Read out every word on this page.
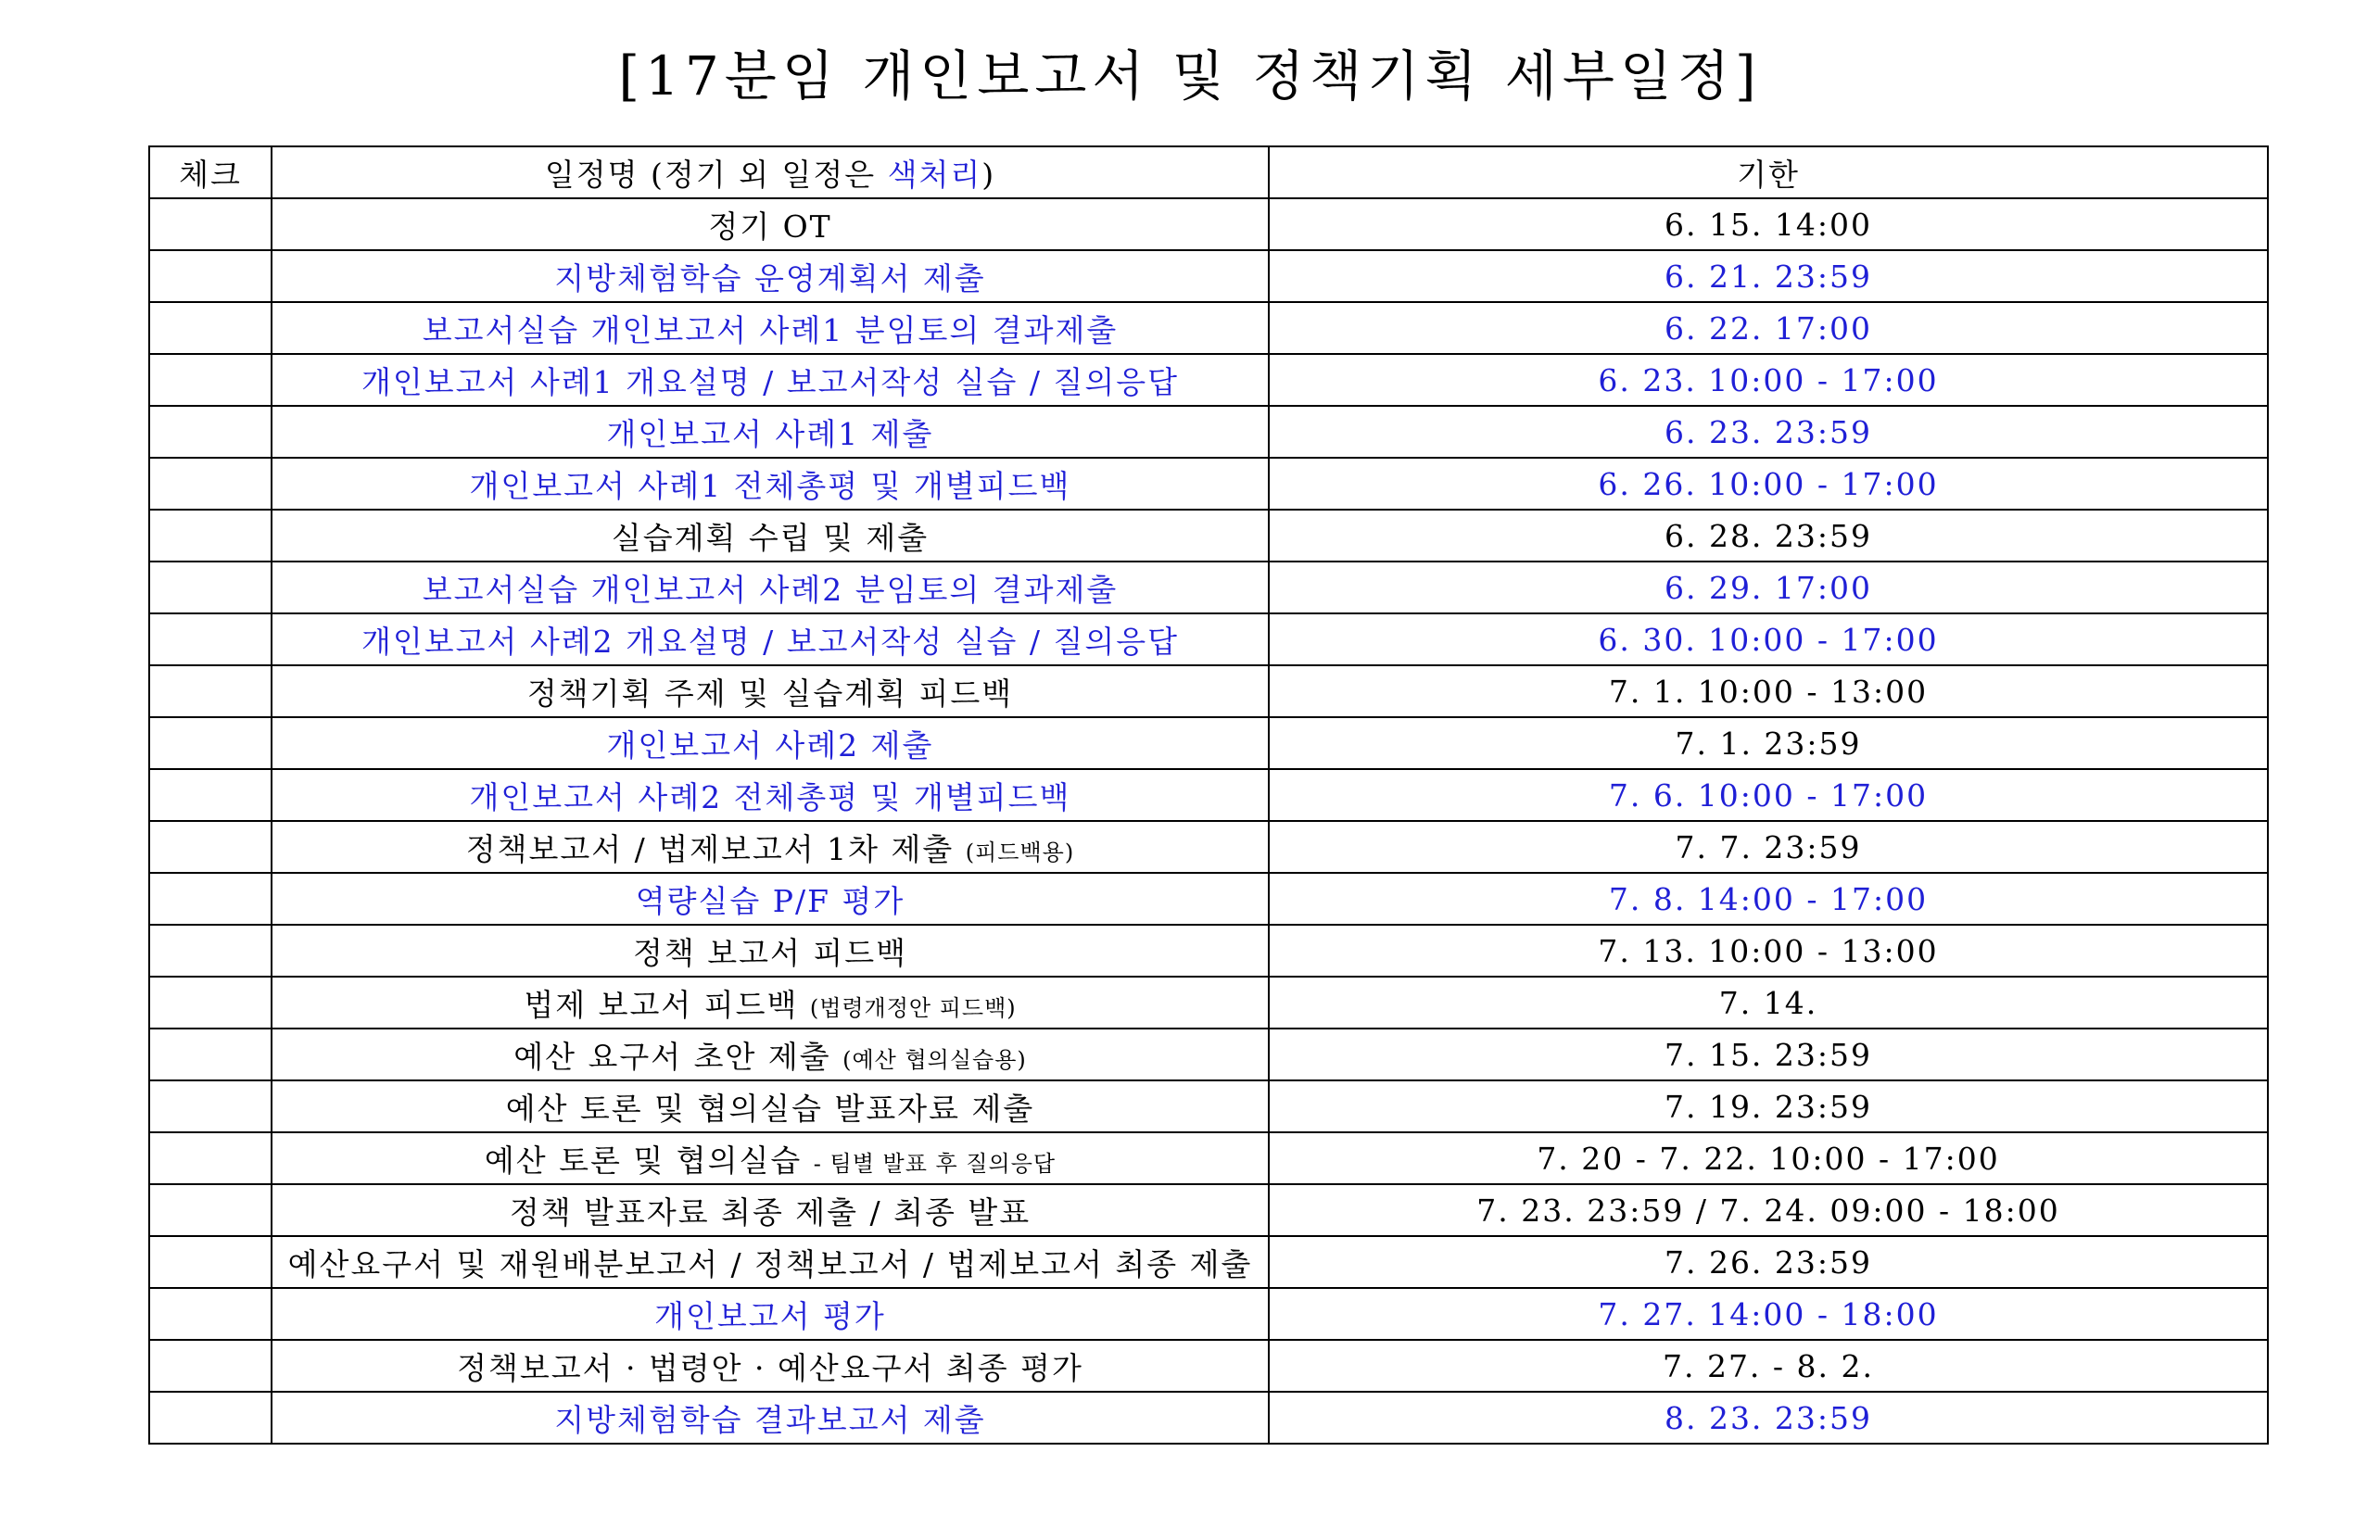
[17분임 개인보고서 및 정책기획 세부일정]
체크	일정명 (정기 외 일정은 색처리)	기한
	정기 OT	6. 15. 14:00
	지방체험학습 운영계획서 제출	6. 21. 23:59
	보고서실습 개인보고서 사례1 분임토의 결과제출	6. 22. 17:00
	개인보고서 사례1 개요설명 / 보고서작성 실습 / 질의응답	6. 23. 10:00 - 17:00
	개인보고서 사례1 제출	6. 23. 23:59
	개인보고서 사례1 전체총평 및 개별피드백	6. 26. 10:00 - 17:00
	실습계획 수립 및 제출	6. 28. 23:59
	보고서실습 개인보고서 사례2 분임토의 결과제출	6. 29. 17:00
	개인보고서 사례2 개요설명 / 보고서작성 실습 / 질의응답	6. 30. 10:00 - 17:00
	정책기획 주제 및 실습계획 피드백	7. 1. 10:00 - 13:00
	개인보고서 사례2 제출	7. 1. 23:59
	개인보고서 사례2 전체총평 및 개별피드백	7. 6. 10:00 - 17:00
	정책보고서 / 법제보고서 1차 제출 (피드백용)	7. 7. 23:59
	역량실습 P/F 평가	7. 8. 14:00 - 17:00
	정책 보고서 피드백	7. 13. 10:00 - 13:00
	법제 보고서 피드백 (법령개정안 피드백)	7. 14.
	예산 요구서 초안 제출 (예산 협의실습용)	7. 15. 23:59
	예산 토론 및 협의실습 발표자료 제출	7. 19. 23:59
	예산 토론 및 협의실습 - 팀별 발표 후 질의응답	7. 20 - 7. 22. 10:00 - 17:00
	정책 발표자료 최종 제출 / 최종 발표	7. 23. 23:59 / 7. 24. 09:00 - 18:00
	예산요구서 및 재원배분보고서 / 정책보고서 / 법제보고서 최종 제출	7. 26. 23:59
	개인보고서 평가	7. 27. 14:00 - 18:00
	정책보고서 · 법령안 · 예산요구서 최종 평가	7. 27. - 8. 2.
	지방체험학습 결과보고서 제출	8. 23. 23:59
